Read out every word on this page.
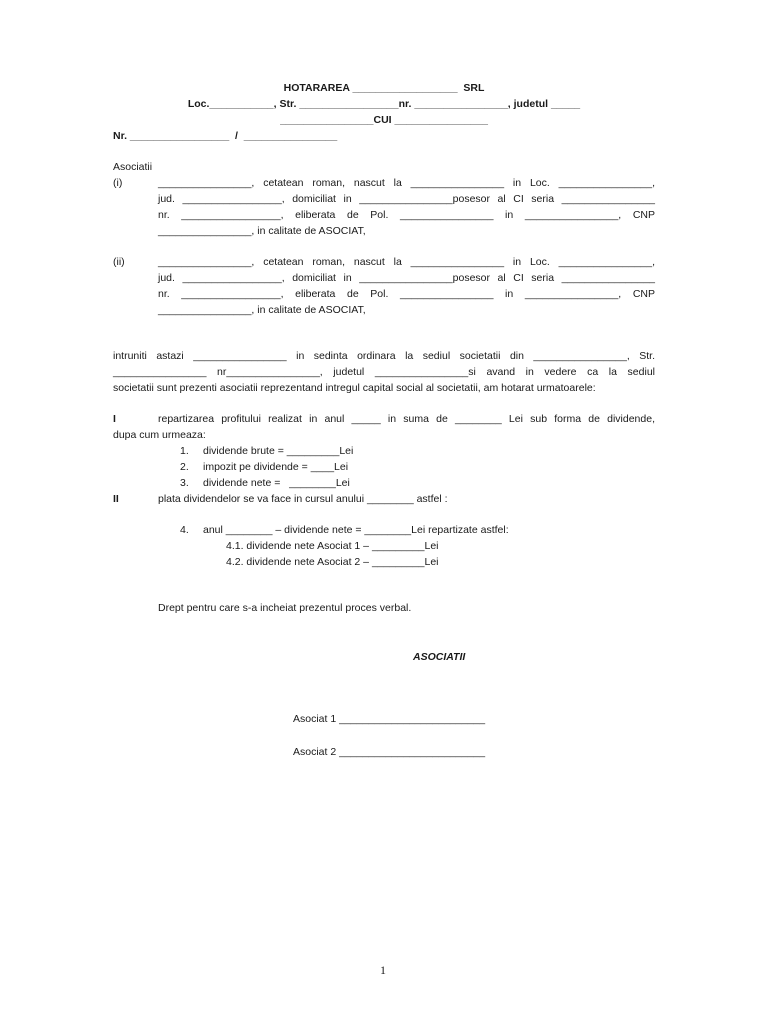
HOTARAREA __________________  SRL
Loc.___________, Str. _________________nr. ________________, judetul _____
________________CUI ________________
Nr. _________________  /  ________________
Asociatii
(i)	________________, cetatean roman, nascut la ________________ in Loc. ________________,
jud. _________________, domiciliat in ________________posesor al CI seria ________________
nr. _________________, eliberata de Pol. ________________ in ________________, CNP
________________, in calitate de ASOCIAT,
(ii)	________________, cetatean roman, nascut la ________________ in Loc. ________________,
jud. _________________, domiciliat in ________________posesor al CI seria ________________
nr. _________________, eliberata de Pol. ________________ in ________________, CNP
________________, in calitate de ASOCIAT,
intruniti astazi ________________ in sedinta ordinara la sediul societatii din ________________, Str.
________________ nr________________, judetul ________________si avand in vedere ca la sediul
societatii sunt prezenti asociatii reprezentand intregul capital social al societatii, am hotarat urmatoarele:
I	repartizarea profitului realizat in anul _____ in suma de ________ Lei sub forma de dividende,
dupa cum urmeaza:
1. dividende brute = _________Lei
2. impozit pe dividende = ____Lei
3. dividende nete =   ________Lei
II	plata dividendelor se va face in cursul anului ________ astfel :
4. anul ________ – dividende nete = ________Lei repartizate astfel:
4.1. dividende nete Asociat 1 – _________Lei
4.2. dividende nete Asociat 2 – _________Lei
Drept pentru care s-a incheiat prezentul proces verbal.
ASOCIATII
Asociat 1 _________________________
Asociat 2 _________________________
1
